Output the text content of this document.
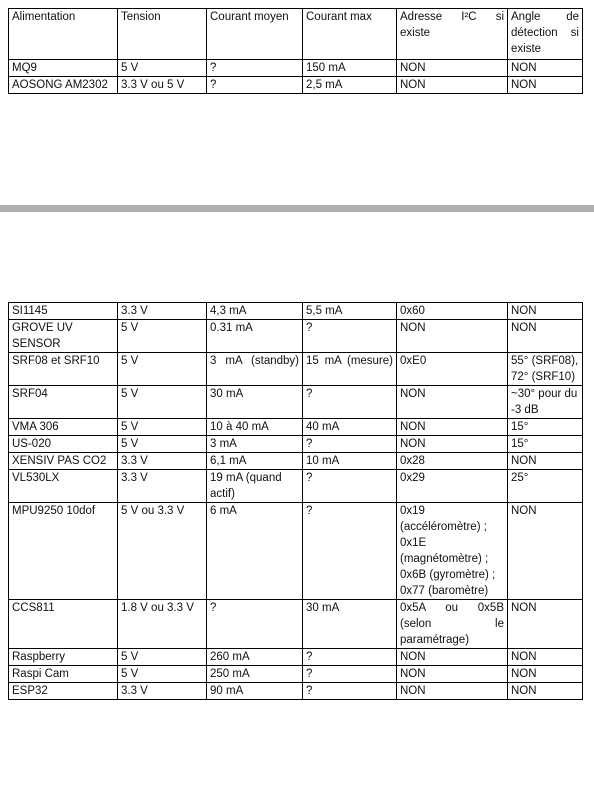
Alimentation	Tension	Courant moyen	Courant max	Adresse I²C si existe	Angle de détection si existe
MQ9	5 V	?	150 mA	NON	NON
AOSONG AM2302	3.3 V ou 5 V	?	2,5 mA	NON	NON
SI1145	3.3 V	4,3 mA	5,5 mA	0x60	NON
GROVE UV SENSOR	5 V	0.31 mA	?	NON	NON
SRF08 et SRF10	5 V	3 mA (standby)	15 mA (mesure)	0xE0	55° (SRF08), 72° (SRF10)
SRF04	5 V	30 mA	?	NON	~30° pour du -3 dB
VMA 306	5 V	10 à 40 mA	40 mA	NON	15°
US-020	5 V	3 mA	?	NON	15°
XENSIV PAS CO2	3.3 V	6,1 mA	10 mA	0x28	NON
VL530LX	3.3 V	19 mA (quand actif)	?	0x29	25°
MPU9250 10dof	5 V ou 3.3 V	6 mA	?	0x19 (accéléromètre) ; 0x1E (magnétomètre) ; 0x6B (gyromètre) ; 0x77 (baromètre)	NON
CCS811	1.8 V ou 3.3 V	?	30 mA	0x5A ou 0x5B (selon le paramétrage)	NON
Raspberry	5 V	260 mA	?	NON	NON
Raspi Cam	5 V	250 mA	?	NON	NON
ESP32	3.3 V	90 mA	?	NON	NON
